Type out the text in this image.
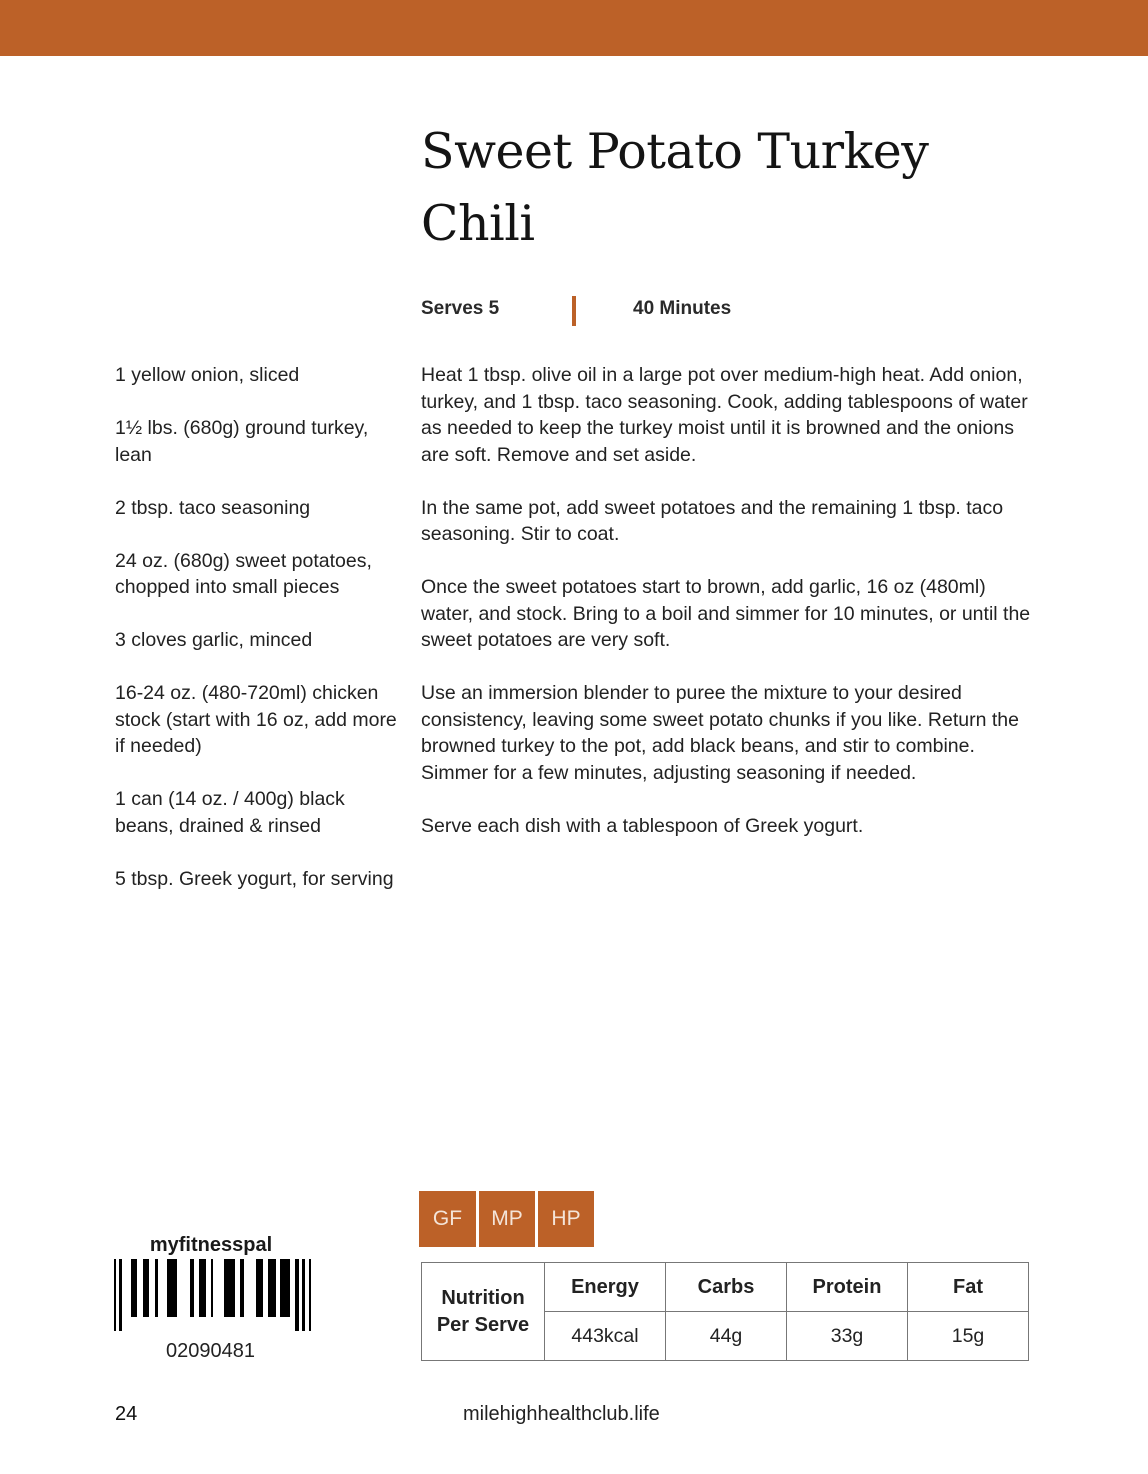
Sweet Potato Turkey Chili
Serves 5	40 Minutes

1 yellow onion, sliced

1½ lbs. (680g) ground turkey, lean

2 tbsp. taco seasoning

24 oz. (680g) sweet potatoes, chopped into small pieces

3 cloves garlic, minced

16-24 oz. (480-720ml) chicken stock (start with 16 oz, add more if needed)

1 can (14 oz. / 400g) black beans, drained & rinsed

5 tbsp. Greek yogurt, for serving

Heat 1 tbsp. olive oil in a large pot over medium-high heat. Add onion, turkey, and 1 tbsp. taco seasoning. Cook, adding tablespoons of water as needed to keep the turkey moist until it is browned and the onions are soft. Remove and set aside.

In the same pot, add sweet potatoes and the remaining 1 tbsp. taco seasoning. Stir to coat.

Once the sweet potatoes start to brown, add garlic, 16 oz (480ml) water, and stock. Bring to a boil and simmer for 10 minutes, or until the sweet potatoes are very soft.

Use an immersion blender to puree the mixture to your desired consistency, leaving some sweet potato chunks if you like. Return the browned turkey to the pot, add black beans, and stir to combine. Simmer for a few minutes, adjusting seasoning if needed.

Serve each dish with a tablespoon of Greek yogurt.

GF	MP	HP
Nutrition
Per Serve	Energy	Carbs	Protein	Fat
	443kcal	44g	33g	15g
myfitnesspal
02090481
24	milehighhealthclub.life
